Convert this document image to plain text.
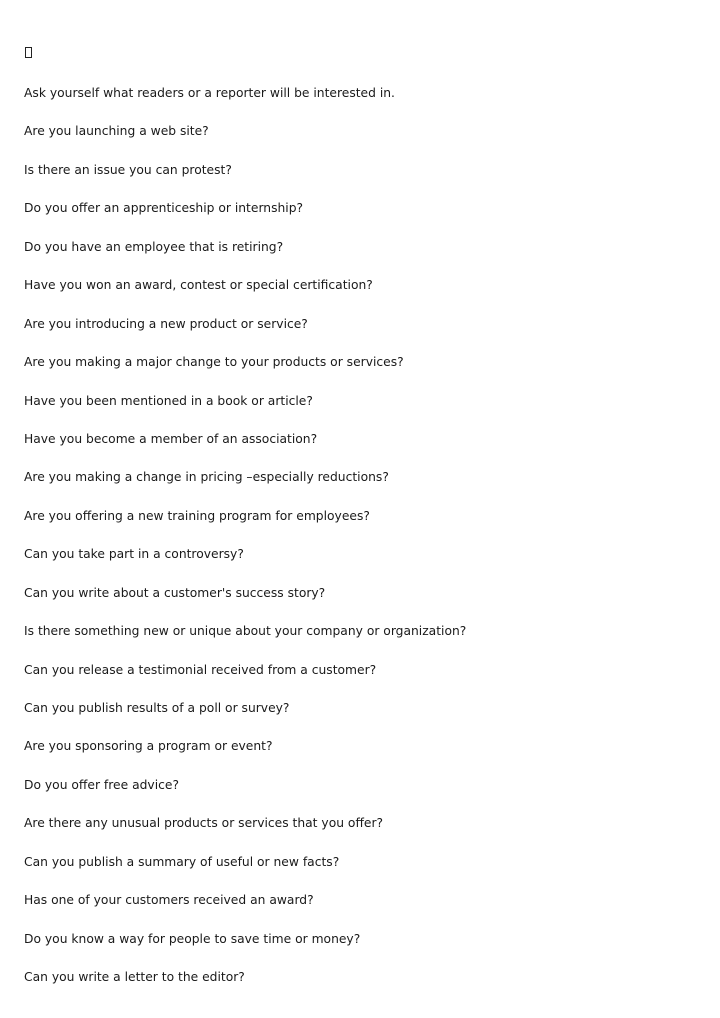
Ask yourself what readers or a reporter will be interested in.
Are you launching a web site?
Is there an issue you can protest?
Do you offer an apprenticeship or internship?
Do you have an employee that is retiring?
Have you won an award, contest or special certification?
Are you introducing a new product or service?
Are you making a major change to your products or services?
Have you been mentioned in a book or article?
Have you become a member of an association?
Are you making a change in pricing –especially reductions?
Are you offering a new training program for employees?
Can you take part in a controversy?
Can you write about a customer's success story?
Is there something new or unique about your company or organization?
Can you release a testimonial received from a customer?
Can you publish results of a poll or survey?
Are you sponsoring a program or event?
Do you offer free advice?
Are there any unusual products or services that you offer?
Can you publish a summary of useful or new facts?
Has one of your customers received an award?
Do you know a way for people to save time or money?
Can you write a letter to the editor?
